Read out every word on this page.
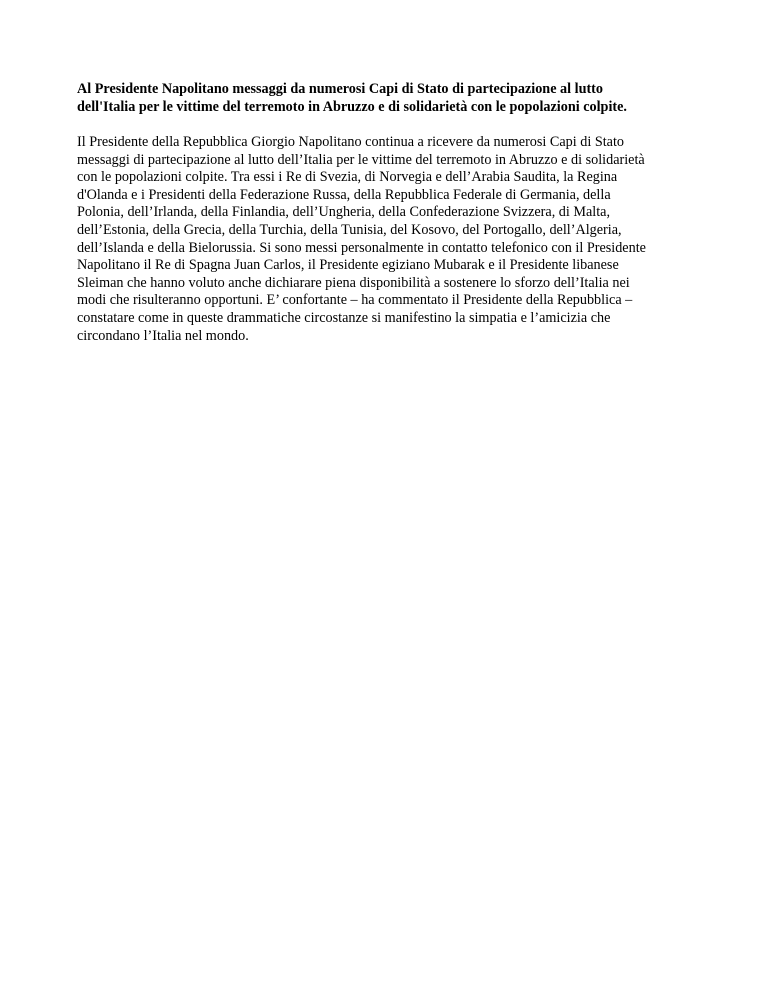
Al Presidente Napolitano messaggi da numerosi Capi di Stato di partecipazione al lutto
dell'Italia per le vittime del terremoto in Abruzzo e di solidarietà con le popolazioni colpite.

Il Presidente della Repubblica Giorgio Napolitano continua a ricevere da numerosi Capi di Stato
messaggi di partecipazione al lutto dell’Italia per le vittime del terremoto in Abruzzo e di solidarietà
con le popolazioni colpite. Tra essi i Re di Svezia, di Norvegia e dell’Arabia Saudita, la Regina
d'Olanda e i Presidenti della Federazione Russa, della Repubblica Federale di Germania, della
Polonia, dell’Irlanda, della Finlandia, dell’Ungheria, della Confederazione Svizzera, di Malta,
dell’Estonia, della Grecia, della Turchia, della Tunisia, del Kosovo, del Portogallo, dell’Algeria,
dell’Islanda e della Bielorussia. Si sono messi personalmente in contatto telefonico con il Presidente
Napolitano il Re di Spagna Juan Carlos, il Presidente egiziano Mubarak e il Presidente libanese
Sleiman che hanno voluto anche dichiarare piena disponibilità a sostenere lo sforzo dell’Italia nei
modi che risulteranno opportuni. E’ confortante – ha commentato il Presidente della Repubblica –
constatare come in queste drammatiche circostanze si manifestino la simpatia e l’amicizia che
circondano l’Italia nel mondo.
